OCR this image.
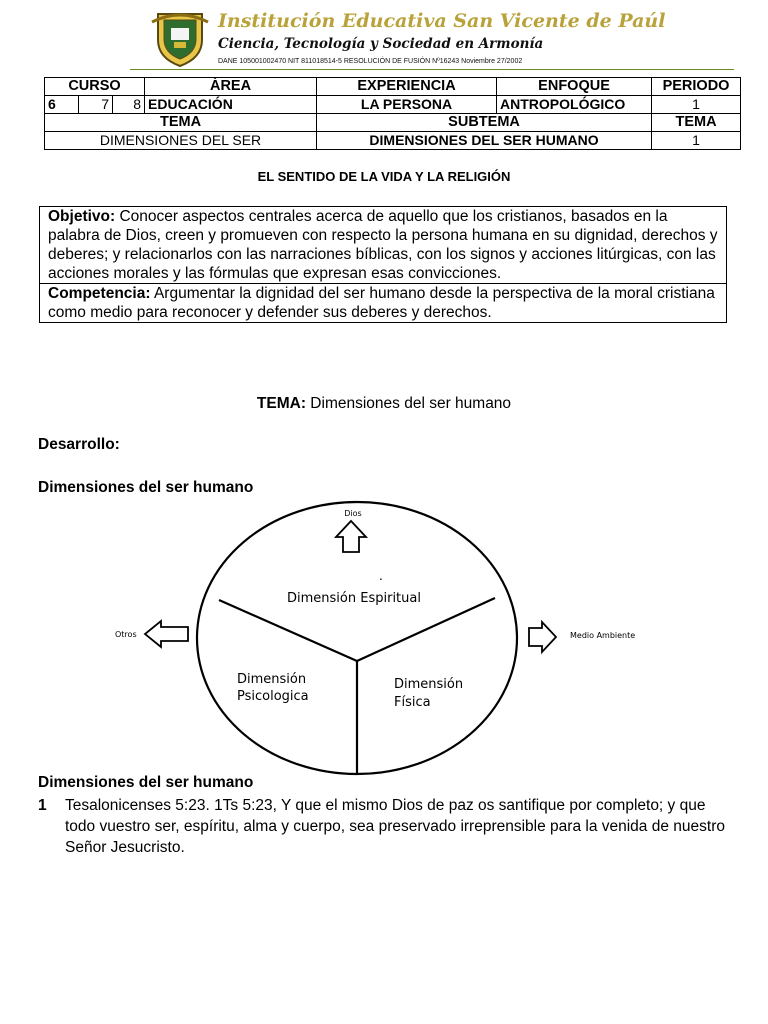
Institución Educativa San Vicente de Paúl
Ciencia, Tecnología y Sociedad en Armonía
DANE 105001002470 NIT 811018514-5 RESOLUCIÓN DE FUSIÓN Nº16243 Noviembre 27/2002
CURSO			ÁREA	EXPERIENCIA	ENFOQUE	PERIODO
6	7	8	EDUCACIÓN	LA PERSONA	ANTROPOLÓGICO	1
TEMA				SUBTEMA		TEMA
DIMENSIONES DEL SER				DIMENSIONES DEL SER HUMANO		1
EL SENTIDO DE LA VIDA Y LA RELIGIÓN

Objetivo: Conocer aspectos centrales acerca de aquello que los cristianos, basados en la palabra de Dios, creen y promueven con respecto la persona humana en su dignidad, derechos y deberes; y relacionarlos con las narraciones bíblicas, con los signos y acciones litúrgicas, con las acciones morales y las fórmulas que expresan esas convicciones.

Competencia: Argumentar la dignidad del ser humano desde la perspectiva de la moral cristiana como medio para reconocer y defender sus deberes y derechos.

TEMA: Dimensiones del ser humano
Desarrollo:
Dimensiones del ser humano
Dios
Otros	Medio Ambiente
.
Dimensión Espiritual
Dimensión
Psicologica
Dimensión
Física
Dimensiones del ser humano
1 Tesalonicenses 5:23. 1Ts 5:23, Y que el mismo Dios de paz os santifique por completo; y que todo vuestro ser, espíritu, alma y cuerpo, sea preservado irreprensible para la venida de nuestro Señor Jesucristo.
